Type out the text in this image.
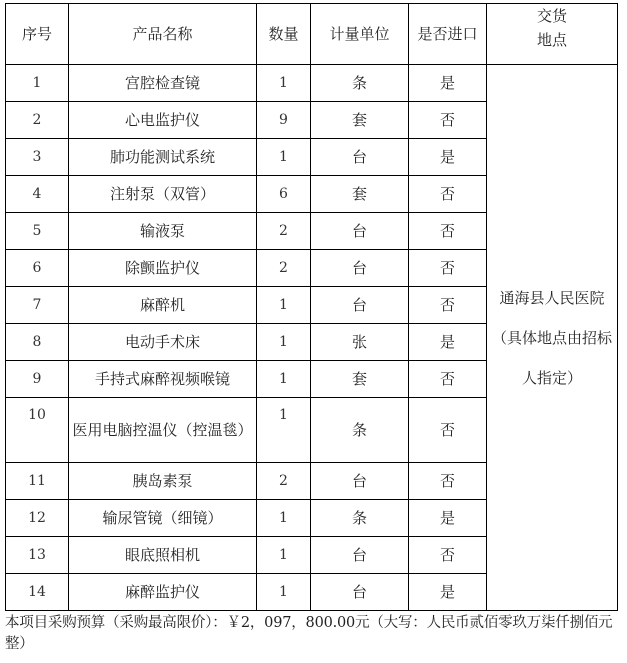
序号	产品名称	数量	计量单位	是否进口	交货
地点

1	宫腔检查镜	1	条	是	通海县人民医院
（具体地点由招标
人指定）

2	心电监护仪	9	套	否	
3	肺功能测试系统	1	台	是	
4	注射泵（双管）	6	套	否	
5	输液泵	2	台	否	
6	除颤监护仪	2	台	否	
7	麻醉机	1	台	否	
8	电动手术床	1	张	是	
9	手持式麻醉视频喉镜	1	套	否	
10	医用电脑控温仪（控温毯）	1	条	否	
11	胰岛素泵	2	台	否	
12	输尿管镜（细镜）	1	条	是	
13	眼底照相机	1	台	否	
14	麻醉监护仪	1	台	是	
本项目采购预算（采购最高限价）：￥2，097，800.00元（大写：人民币贰佰零玖万柒仟捌佰元整）
